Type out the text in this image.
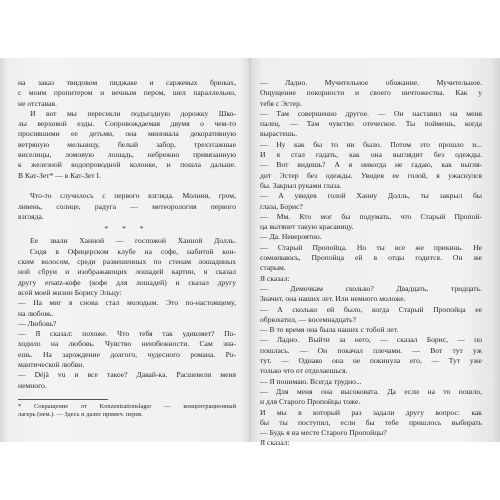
на заказ твидовом пиджаке и саржевых брюках,
с моим пропитером и вечным пером, шел параллельно,
не отставая.
И вот мы пересекли подъездную дорожку Шко-
лы верховой езды. Сопровождаемая двумя о чем-то
просившими ее детьми, она миновала декоративную
ветряную мельницу, белый забор, трехэтажные
виселицы, ломовую лошадь, небрежно привязанную
к железной водопроводной колонке, и пошла дальше.
В Кат-Зет* — в Кат-Зет I.
Что-то случилось с первого взгляда. Молния, гром,
ливень, солнце, радуга — метеорология первого
взгляда.
* * *
Ее звали Ханной — госпожой Ханной Долль.
Сидя в Офицерском клубе на софе, набитой кон-
ским волосом, среди развешенных по стенам лошадиных
ной сбруи и изображающих лошадей картин, я сказал
другу ersatz-кофе (кофе для лошадей) и сказал другу
всей моей жизни Борису Эльцу:
— На миг я снова стал молодым. Это по-настоящему,
на любовь.
— Любовь?
— Я сказал: похоже. Что тебя так удивляет? По-
ходило на любовь. Чувство неизбежности. Сам зна-
ешь. На зарождение долгого, чудесного романа. Ро-
мантической любви.
— Déjà vu и все такое? Давай-ка. Расшевели меня
немного.
* Сокращение от Konzentrationslager — концентрационный
лагерь (нем.). — Здесь и далее примеч. перев.
— Ладно. Мучительное обожание. Мучительное.
Ощущение покорности и своего ничтожества. Как у
тебя с Эстер.
— Там совершенно другое. — Он наставил на меня
палец. — Там чувство отеческое. Ты поймешь, когда
вырастешь.
— Ну как бы то ни было. Потом это прошло и...
И я стал гадать, как она выглядит без одежды.
— Вот видишь? А я никогда не гадаю, как выгля-
дит Эстер без одежды. Увидев ее голой, я ужаснулся
бы. Закрыл руками глаза.
— А увидев голой Ханну Долль, ты закрыл бы
глаза, Борис?
— Мм. Кто мог бы подумать, что Старый Пропой-
ца вытянет такую красавицу.
— Да. Невероятно.
— Старый Пропойца. Но ты все же прикинь. Не
сомневаюсь, Пропойца ей в отцы годится. Он же
старым.
Я сказал:
— Демочкам сколько? Двадцать, тридцать.
Значит, она наших лет. Или немного моложе.
— А сколько ей было, когда Старый Пропойца ее
обрюхатил, — восемнадцать?
— В то время она была наших с тобой лет.
— Ладно. Выйти за него, — сказал Борис, — по
пошлась. — Он покачал плечами. — Вот тут уж
тут. — Однако она не покинула его, — Тут уже
только что от отделаешься.
— Я понимаю. Всегда трудно...
— Для меня она высоковата. Да если на то пошло,
и для Старого Пропойцы тоже.
И мы в который раз задали другу вопрос: как
бы ты поступил, если бы тебе пришлось выбирать
— Будь я на месте Старого Пропойцы?
Я сказал:
